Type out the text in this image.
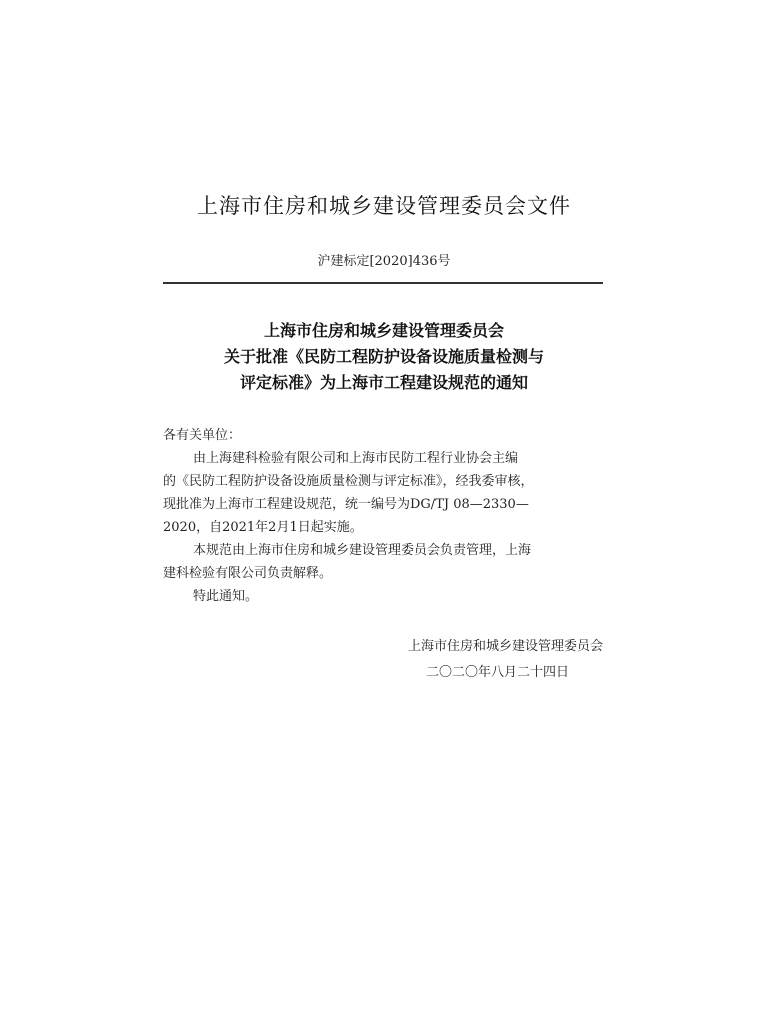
上海市住房和城乡建设管理委员会文件
沪建标定[2020]436号
上海市住房和城乡建设管理委员会
关于批准《民防工程防护设备设施质量检测与
评定标准》为上海市工程建设规范的通知
各有关单位：
由上海建科检验有限公司和上海市民防工程行业协会主编
的《民防工程防护设备设施质量检测与评定标准》，经我委审核，
现批准为上海市工程建设规范，统一编号为DG/TJ 08—2330—
2020，自2021年2月1日起实施。
本规范由上海市住房和城乡建设管理委员会负责管理，上海
建科检验有限公司负责解释。
特此通知。
上海市住房和城乡建设管理委员会
二〇二〇年八月二十四日
